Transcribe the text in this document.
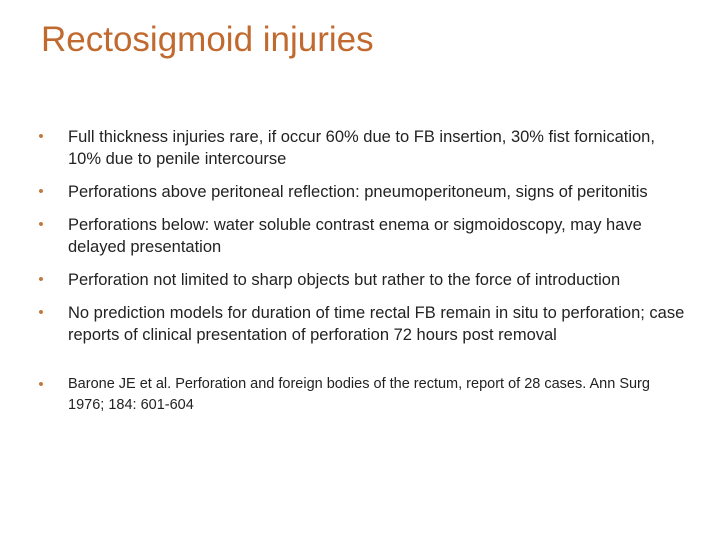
Rectosigmoid injuries
• Full thickness injuries rare, if occur 60% due to FB insertion, 30% fist fornication, 10% due to penile intercourse
• Perforations above peritoneal reflection: pneumoperitoneum, signs of peritonitis
• Perforations below: water soluble contrast enema or sigmoidoscopy, may have delayed presentation
• Perforation not limited to sharp objects but rather to the force of introduction
• No prediction models for duration of time rectal FB remain in situ to perforation; case reports of clinical presentation of perforation 72 hours post removal
• Barone JE et al. Perforation and foreign bodies of the rectum, report of 28 cases. Ann Surg 1976; 184: 601-604
